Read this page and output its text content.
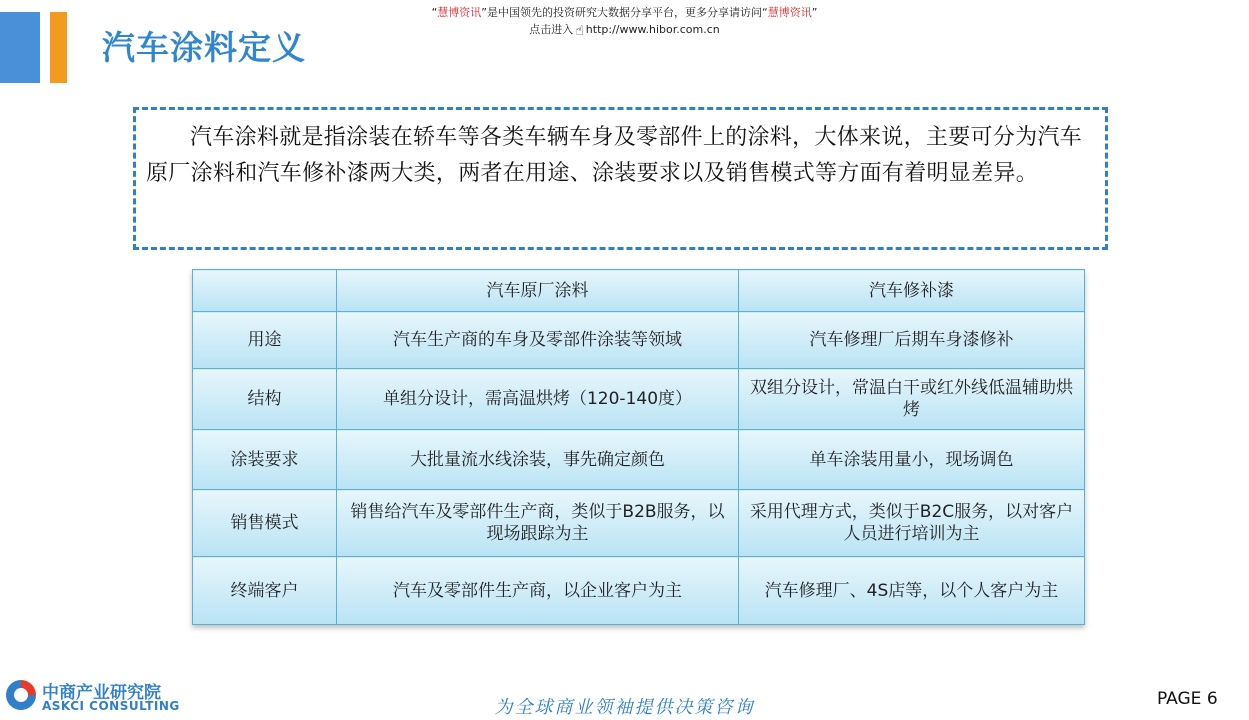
“慧博资讯”是中国领先的投资研究大数据分享平台，更多分享请访问“慧博资讯”
点击进入 ☝ http://www.hibor.com.cn
汽车涂料定义

汽车涂料就是指涂装在轿车等各类车辆车身及零部件上的涂料，大体来说，主要可分为汽车原厂涂料和汽车修补漆两大类，两者在用途、涂装要求以及销售模式等方面有着明显差异。

	汽车原厂涂料	汽车修补漆
用途	汽车生产商的车身及零部件涂装等领域	汽车修理厂后期车身漆修补
结构	单组分设计，需高温烘烤（120-140度）	双组分设计，常温白干或红外线低温辅助烘烤
涂装要求	大批量流水线涂装，事先确定颜色	单车涂装用量小，现场调色
销售模式	销售给汽车及零部件生产商，类似于B2B服务，以现场跟踪为主	采用代理方式，类似于B2C服务，以对客户人员进行培训为主
终端客户	汽车及零部件生产商，以企业客户为主	汽车修理厂、4S店等，以个人客户为主
中商产业研究院
ASKCI CONSULTING	为全球商业领袖提供决策咨询	PAGE 6
